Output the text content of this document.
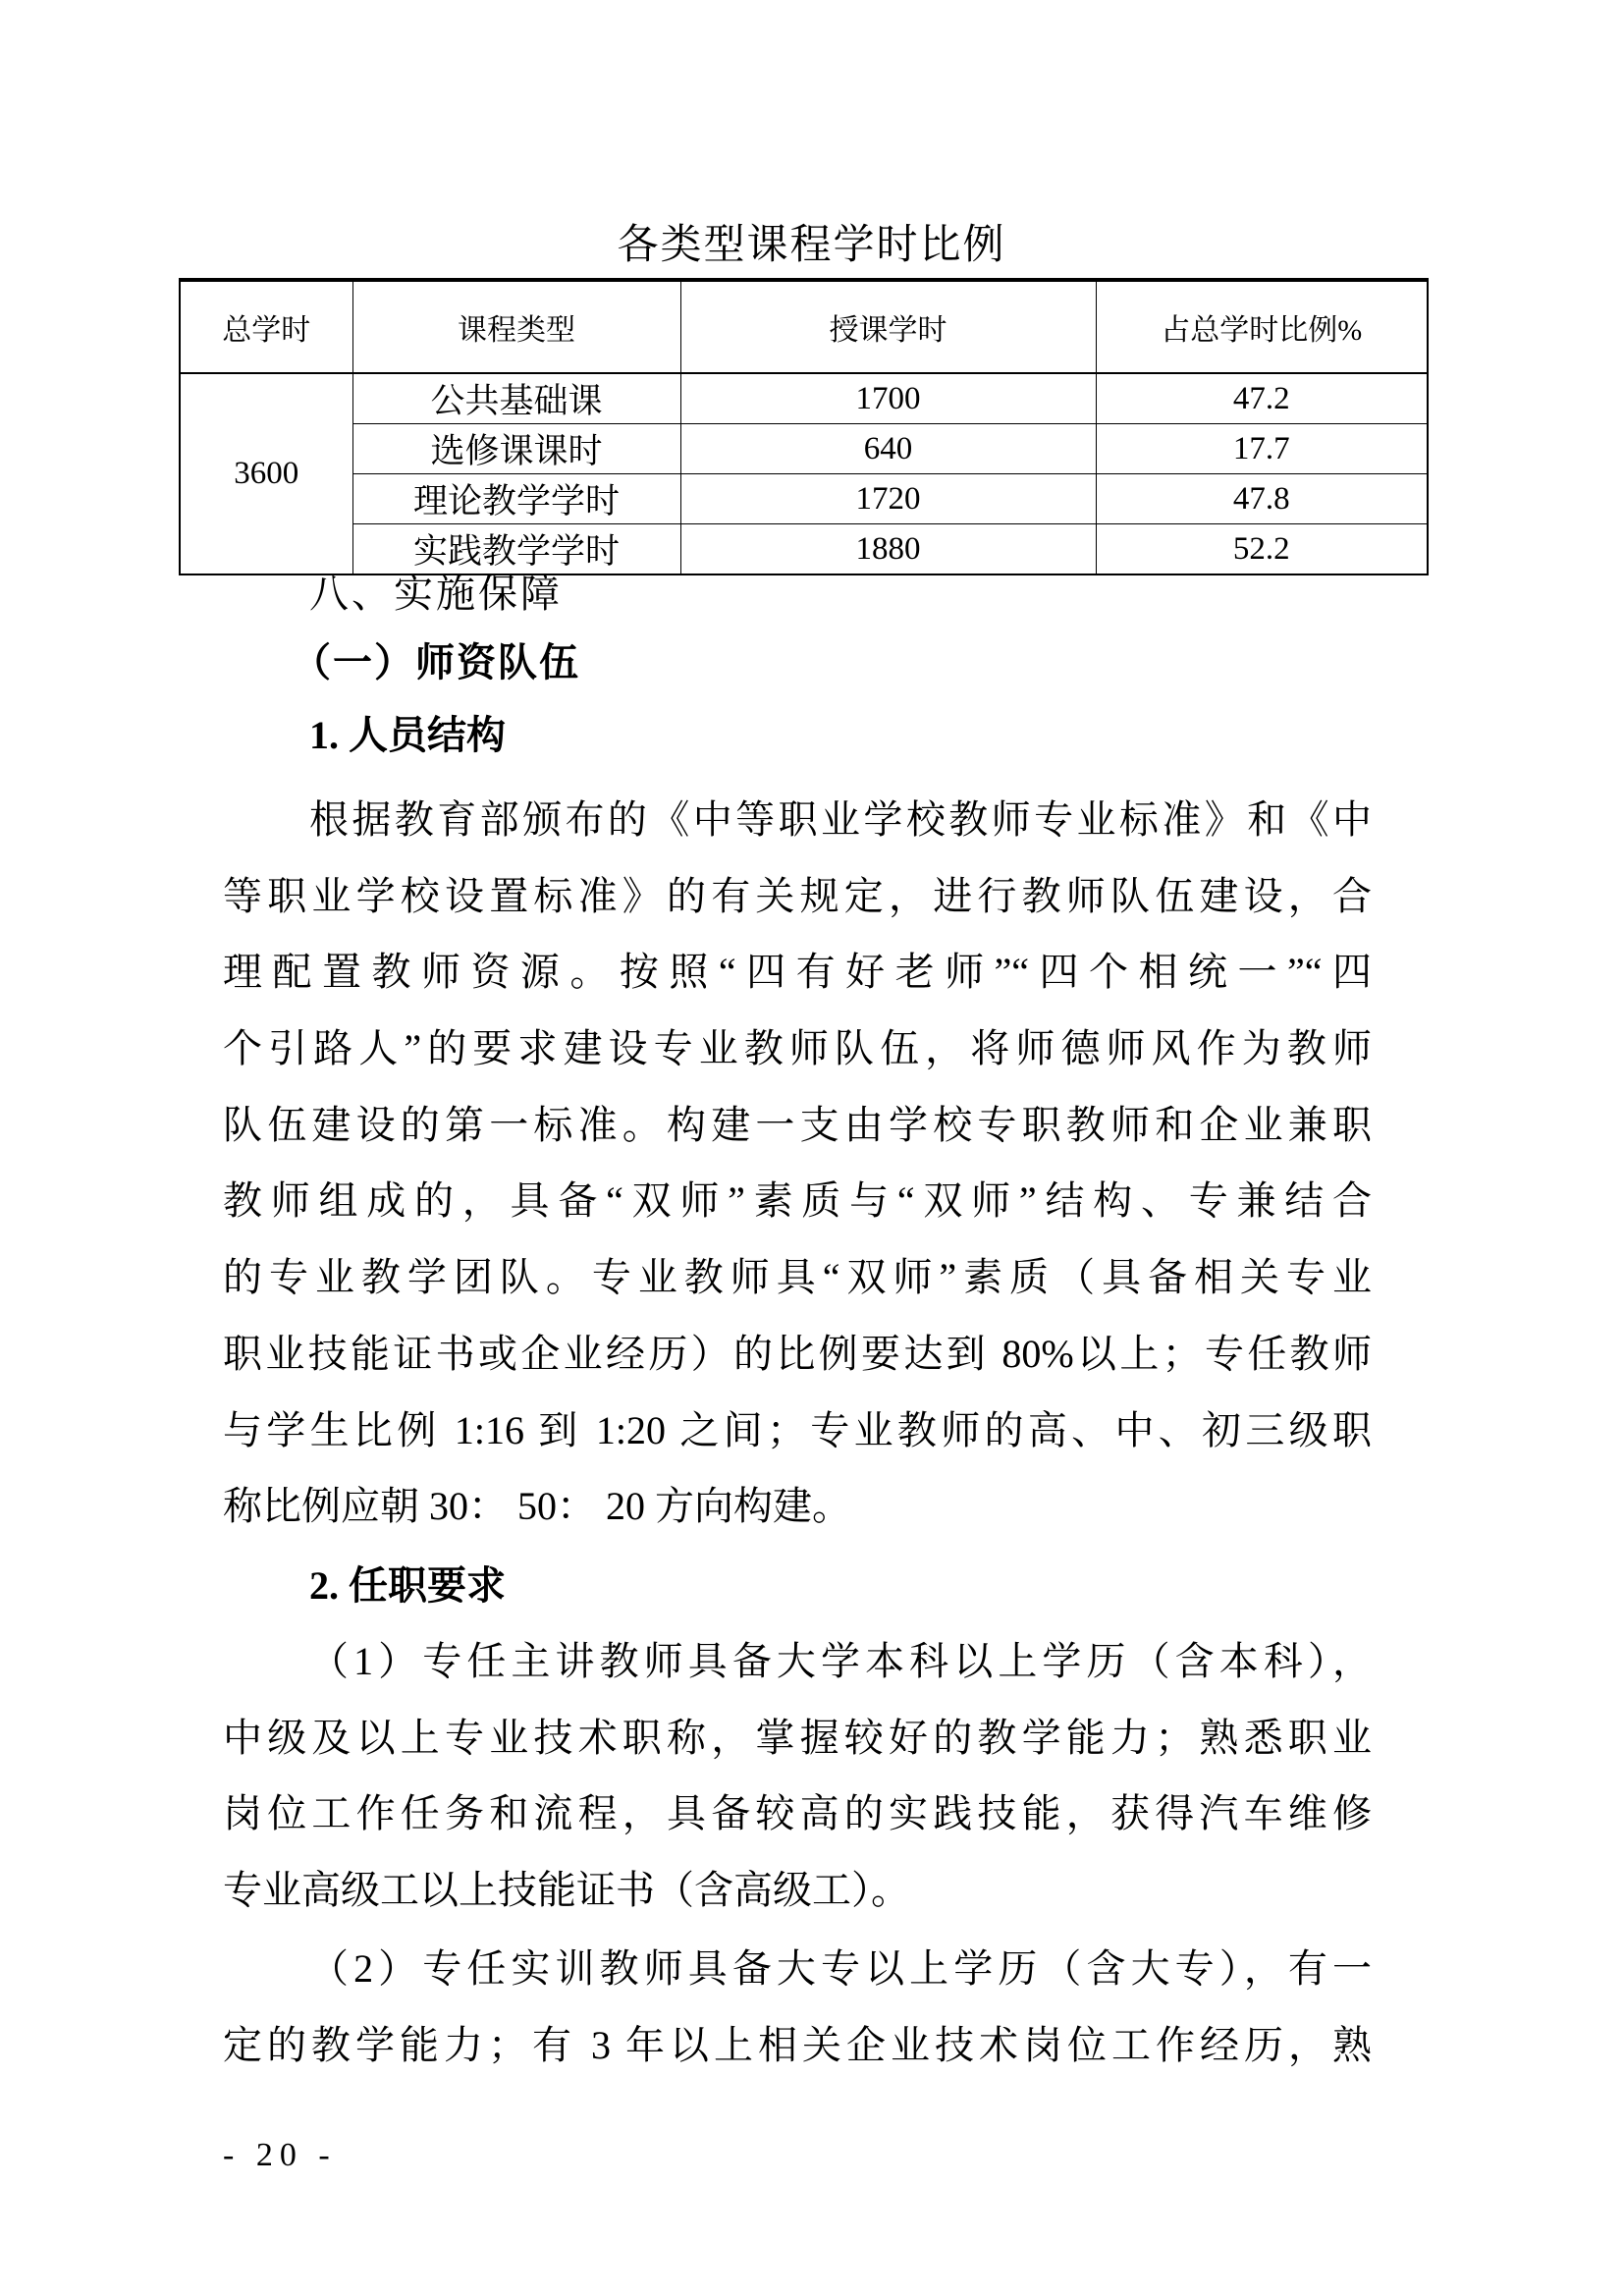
各类型课程学时比例
总学时	课程类型	授课学时	占总学时比例%
3600	公共基础课	1700	47.2
	选修课课时	640	17.7
	理论教学学时	1720	47.8
	实践教学学时	1880	52.2
八、实施保障
（一）师资队伍
1. 人员结构
根据教育部颁布的《中等职业学校教师专业标准》和《中
等职业学校设置标准》的有关规定，进行教师队伍建设，合
理配置教师资源。按照“四有好老师”“四个相统一”“四
个引路人”的要求建设专业教师队伍，将师德师风作为教师
队伍建设的第一标准。构建一支由学校专职教师和企业兼职
教师组成的，具备“双师”素质与“双师”结构、专兼结合
的专业教学团队。专业教师具“双师”素质（具备相关专业
职业技能证书或企业经历）的比例要达到 80%以上；专任教师
与学生比例 1:16 到 1:20 之间；专业教师的高、中、初三级职
称比例应朝 30： 50： 20 方向构建。
2. 任职要求
（1）专任主讲教师具备大学本科以上学历（含本科），
中级及以上专业技术职称，掌握较好的教学能力；熟悉职业
岗位工作任务和流程，具备较高的实践技能，获得汽车维修
专业高级工以上技能证书（含高级工）。
（2）专任实训教师具备大专以上学历（含大专），有一
定的教学能力；有 3 年以上相关企业技术岗位工作经历，熟
- 20 -
